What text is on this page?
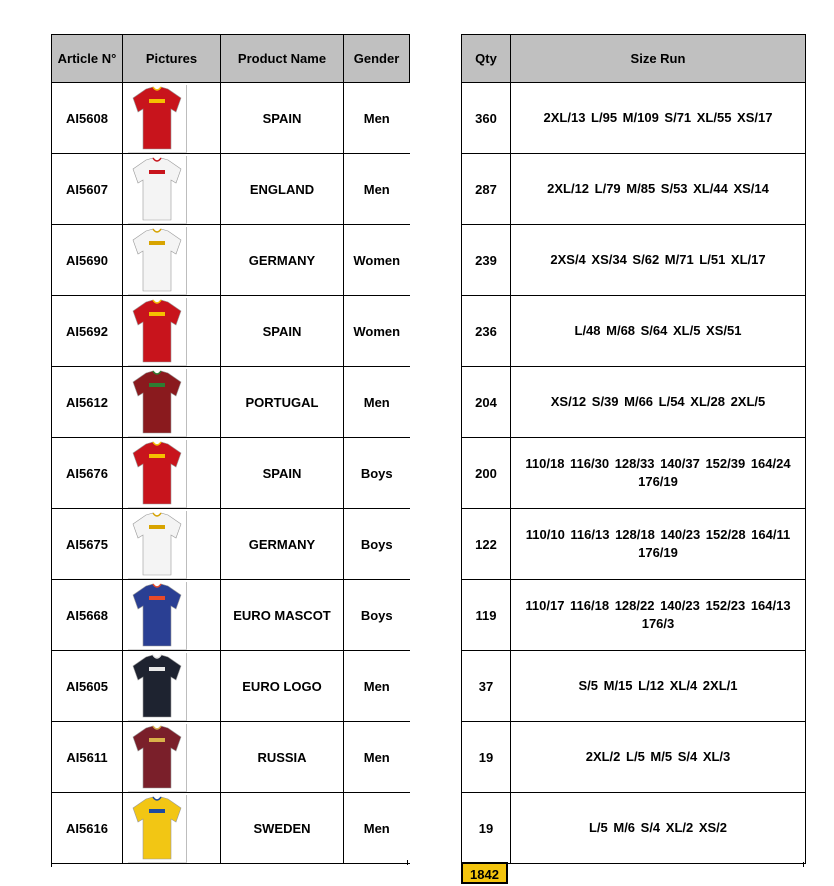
Article N°	Pictures	Product Name	Gender
AI5608		SPAIN	Men
AI5607		ENGLAND	Men
AI5690		GERMANY	Women
AI5692		SPAIN	Women
AI5612		PORTUGAL	Men
AI5676		SPAIN	Boys
AI5675		GERMANY	Boys
AI5668		EURO MASCOT	Boys
AI5605		EURO LOGO	Men
AI5611		RUSSIA	Men
AI5616		SWEDEN	Men
Qty	Size Run
360	2XL/13 L/95 M/109 S/71 XL/55 XS/17

287	2XL/12 L/79 M/85 S/53 XL/44 XS/14

239	2XS/4 XS/34 S/62 M/71 L/51 XL/17

236	L/48 M/68 S/64 XL/5 XS/51

204	XS/12 S/39 M/66 L/54 XL/28 2XL/5

200	110/18 116/30 128/33 140/37 152/39 164/24 176/19

122	110/10 116/13 128/18 140/23 152/28 164/11 176/19

119	110/17 116/18 128/22 140/23 152/23 164/13 176/3

37	S/5 M/15 L/12 XL/4 2XL/1

19	2XL/2 L/5 M/5 S/4 XL/3

19	L/5 M/6 S/4 XL/2 XS/2
1842
